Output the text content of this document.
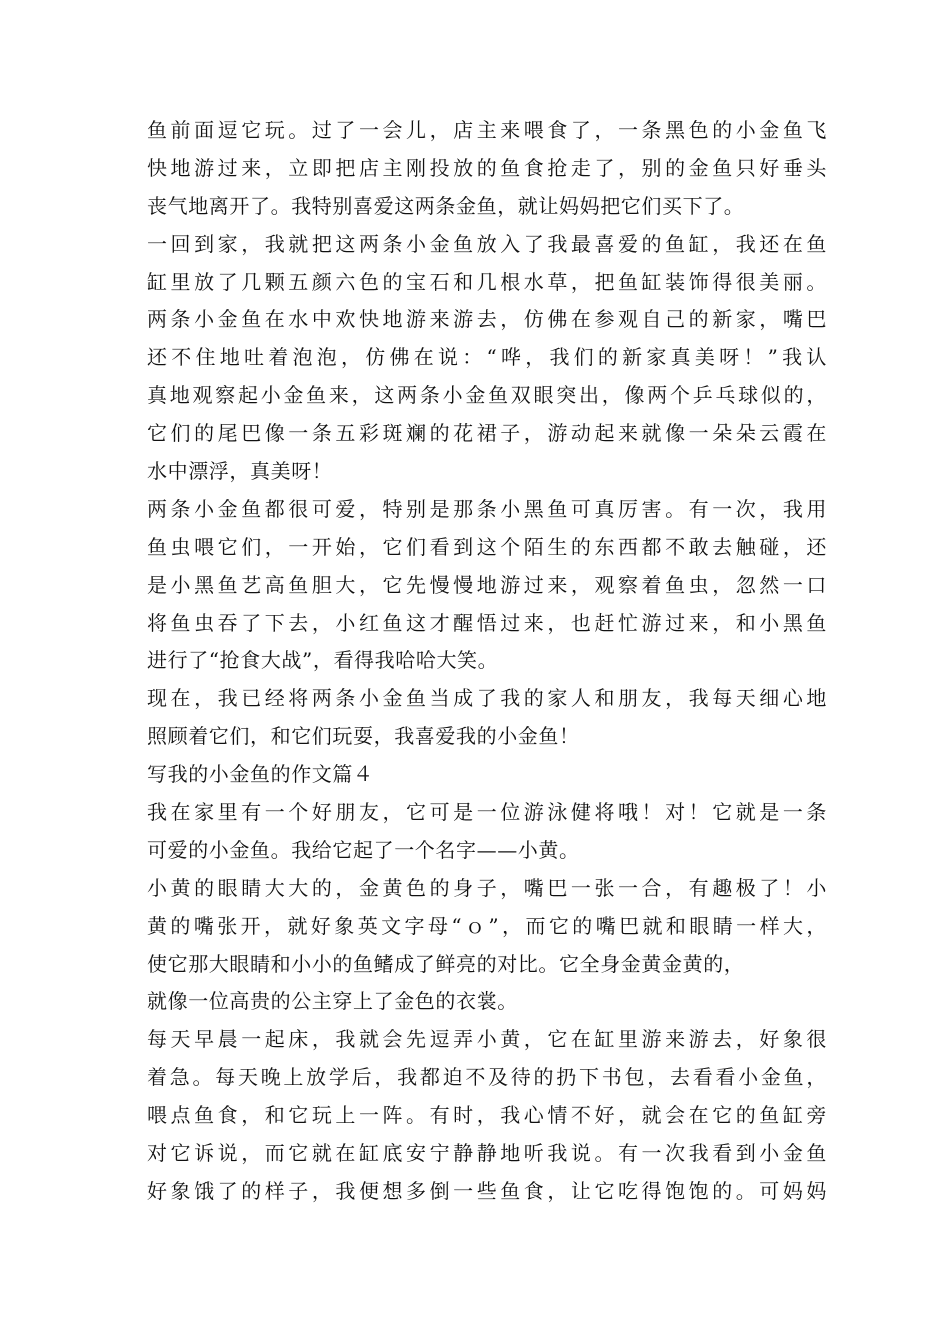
鱼前面逗它玩。过了一会儿，店主来喂食了，一条黑色的小金鱼飞
快地游过来，立即把店主刚投放的鱼食抢走了，别的金鱼只好垂头
丧气地离开了。我特别喜爱这两条金鱼，就让妈妈把它们买下了。
一回到家，我就把这两条小金鱼放入了我最喜爱的鱼缸，我还在鱼
缸里放了几颗五颜六色的宝石和几根水草，把鱼缸装饰得很美丽。
两条小金鱼在水中欢快地游来游去，仿佛在参观自己的新家，嘴巴
还不住地吐着泡泡，仿佛在说：“哗，我们的新家真美呀！”我认
真地观察起小金鱼来，这两条小金鱼双眼突出，像两个乒乓球似的，
它们的尾巴像一条五彩斑斓的花裙子，游动起来就像一朵朵云霞在
水中漂浮，真美呀！
两条小金鱼都很可爱，特别是那条小黑鱼可真厉害。有一次，我用
鱼虫喂它们，一开始，它们看到这个陌生的东西都不敢去触碰，还
是小黑鱼艺高鱼胆大，它先慢慢地游过来，观察着鱼虫，忽然一口
将鱼虫吞了下去，小红鱼这才醒悟过来，也赶忙游过来，和小黑鱼
进行了“抢食大战”，看得我哈哈大笑。
现在，我已经将两条小金鱼当成了我的家人和朋友，我每天细心地
照顾着它们，和它们玩耍，我喜爱我的小金鱼！
写我的小金鱼的作文篇４
我在家里有一个好朋友，它可是一位游泳健将哦！对！它就是一条
可爱的小金鱼。我给它起了一个名字——小黄。
小黄的眼睛大大的，金黄色的身子，嘴巴一张一合，有趣极了！小
黄的嘴张开，就好象英文字母“ｏ”，而它的嘴巴就和眼睛一样大，
使它那大眼睛和小小的鱼鳍成了鲜亮的对比。它全身金黄金黄的，
就像一位高贵的公主穿上了金色的衣裳。
每天早晨一起床，我就会先逗弄小黄，它在缸里游来游去，好象很
着急。每天晚上放学后，我都迫不及待的扔下书包，去看看小金鱼，
喂点鱼食，和它玩上一阵。有时，我心情不好，就会在它的鱼缸旁
对它诉说，而它就在缸底安宁静静地听我说。有一次我看到小金鱼
好象饿了的样子，我便想多倒一些鱼食，让它吃得饱饱的。可妈妈
